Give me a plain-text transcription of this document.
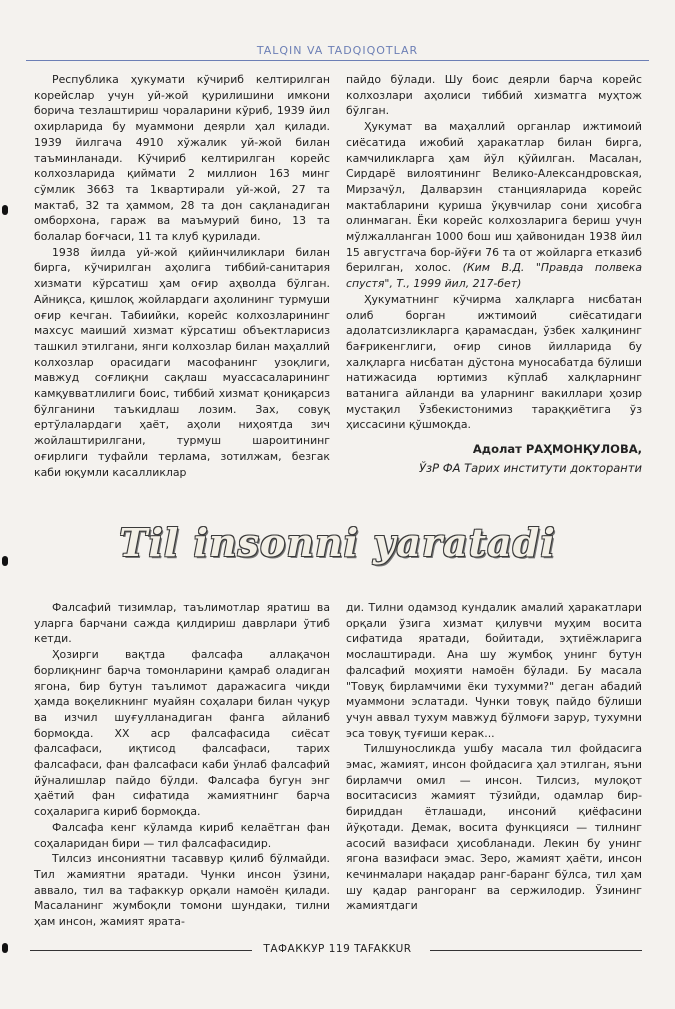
TALQIN VA TADQIQOTLAR

Республика ҳукумати кўчириб келтирилган корейслар учун уй-жой қурилишини имкони борича тезлаштириш чораларини кўриб, 1939 йил охирларида бу муаммони деярли ҳал қилади. 1939 йилгача 4910 хўжалик уй-жой билан таъминланади. Кўчириб келтирилган корейс колхозларида қиймати 2 миллион 163 минг сўмлик 3663 та 1квартирали уй-жой, 27 та мактаб, 32 та ҳаммом, 28 та дон сақланадиган омборхона, гараж ва маъмурий бино, 13 та болалар боғчаси, 11 та клуб қурилади.

1938 йилда уй-жой қийинчиликлари билан бирга, кўчирилган аҳолига тиббий-санитария хизмати кўрсатиш ҳам оғир аҳволда бўлган. Айниқса, қишлоқ жойлардаги аҳолининг турмуши оғир кечган. Табиийки, корейс колхозларининг махсус маиший хизмат кўрсатиш объектларисиз ташкил этилгани, янги колхозлар билан маҳаллий колхозлар орасидаги масофанинг узоқлиги, мавжуд соғлиқни сақлаш муассасаларининг камқувватлилиги боис, тиббий хизмат қониқарсиз бўлганини таъкидлаш лозим. Зах, совуқ ертўлалардаги ҳаёт, аҳоли ниҳоятда зич жойлаштирилгани, турмуш шароитининг оғирлиги туфайли терлама, зотилжам, безгак каби юқумли касалликлар

пайдо бўлади. Шу боис деярли барча корейс колхозлари аҳолиси тиббий хизматга муҳтож бўлган.

Ҳукумат ва маҳаллий органлар ижтимоий сиёсатида ижобий ҳаракатлар билан бирга, камчиликларга ҳам йўл қўйилган. Масалан, Сирдарё вилоятининг Велико-Александровская, Мирзачўл, Далварзин станцияларида корейс мактабларини қуриша ўқувчилар сони ҳисобга олинмаган. Ёки корейс колхозларига бериш учун мўлжалланган 1000 бош иш ҳайвонидан 1938 йил 15 августгача бор-йўғи 76 та от жойларга етказиб берилган, холос. (Ким В.Д. "Правда полвека спустя", Т., 1999 йил, 217-бет)

Ҳукуматнинг кўчирма халқларга нисбатан олиб борган ижтимоий сиёсатидаги адолатсизликларга қарамасдан, ўзбек халқининг бағрикенглиги, оғир синов йилларида бу халқларга нисбатан дўстона муносабатда бўлиши натижасида юртимиз кўплаб халқларнинг ватанига айланди ва уларнинг вакиллари ҳозир мустақил Ўзбекистонимиз тараққиётига ўз ҳиссасини қўшмоқда.

Адолат РАҲМОНҚУЛОВА,
ЎзР ФА Тарих институти докторанти
Til insonni yaratadi

Фалсафий тизимлар, таълимотлар яратиш ва уларга барчани сажда қилдириш даврлари ўтиб кетди.

Ҳозирги вақтда фалсафа аллақачон борлиқнинг барча томонларини қамраб оладиган ягона, бир бутун таълимот даражасига чиқди ҳамда воқеликнинг муайян соҳалари билан чуқур ва изчил шуғулланадиган фанга айланиб бормоқда. XX аср фалсафасида сиёсат фалсафаси, иқтисод фалсафаси, тарих фалсафаси, фан фалсафаси каби ўнлаб фалсафий йўналишлар пайдо бўлди. Фалсафа бугун энг ҳаётий фан сифатида жамиятнинг барча соҳаларига кириб бормоқда.

Фалсафа кенг кўламда кириб келаётган фан соҳаларидан бири — тил фалсафасидир.

Тилсиз инсониятни тасаввур қилиб бўлмайди. Тил жамиятни яратади. Чунки инсон ўзини, аввало, тил ва тафаккур орқали намоён қилади. Масаланинг жумбоқли томони шундаки, тилни ҳам инсон, жамият ярата-

ди. Тилни одамзод кундалик амалий ҳаракатлари орқали ўзига хизмат қилувчи муҳим восита сифатида яратади, бойитади, эҳтиёжларига мослаштиради. Ана шу жумбоқ унинг бутун фалсафий моҳияти намоён бўлади. Бу масала "Товуқ бирламчими ёки тухумми?" деган абадий муаммони эслатади. Чунки товуқ пайдо бўлиши учун аввал тухум мавжуд бўлмоғи зарур, тухумни эса товуқ туғиши керак...

Тилшуносликда ушбу масала тил фойдасига эмас, жамият, инсон фойдасига ҳал этилган, яъни бирламчи омил — инсон. Тилсиз, мулоқот воситасисиз жамият тўзийди, одамлар бир-бириддан ётлашади, инсоний қиёфасини йўқотади. Демак, восита функцияси — тилнинг асосий вазифаси ҳисобланади. Лекин бу унинг ягона вазифаси эмас. Зеро, жамият ҳаёти, инсон кечинмалари нақадар ранг-баранг бўлса, тил ҳам шу қадар рангоранг ва сержилодир. Ўзининг жамиятдаги

ТАФАККУР 119 TAFAKKUR
